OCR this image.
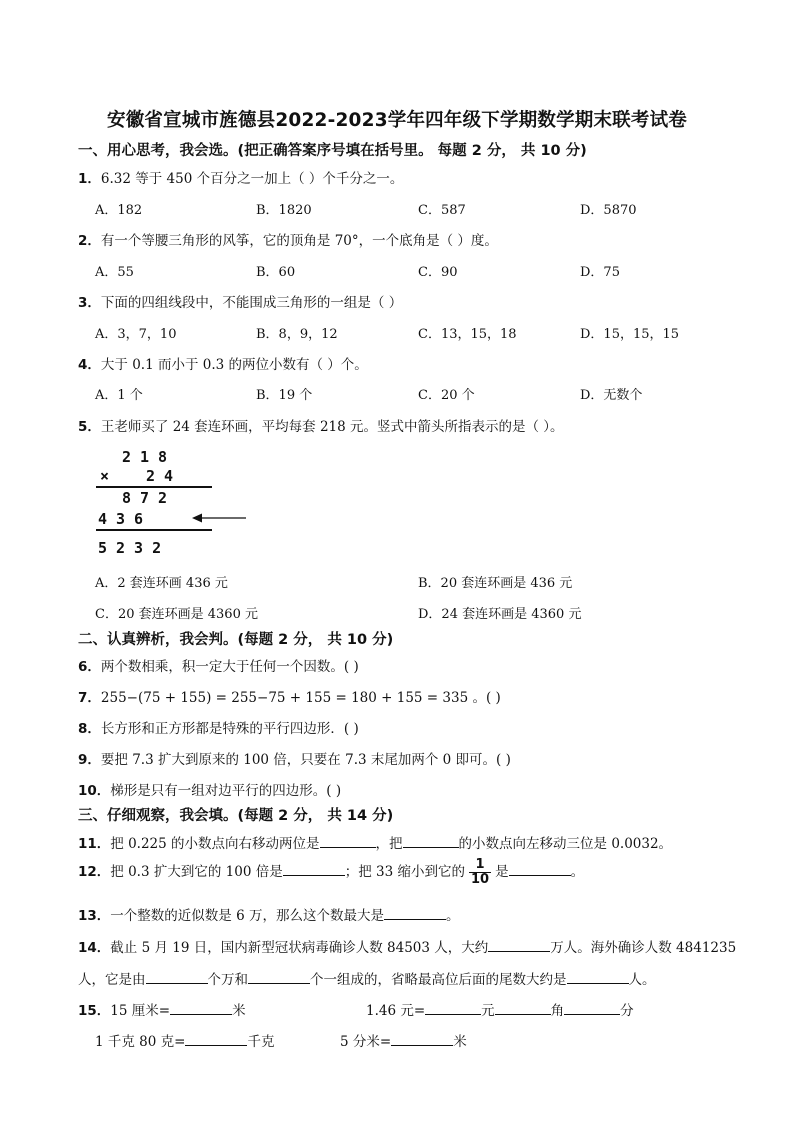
安徽省宣城市旌德县2022-2023学年四年级下学期数学期末联考试卷
一、用心思考，我会选。(把正确答案序号填在括号里。 每题 2 分， 共 10 分)
1．6.32 等于 450 个百分之一加上（ ）个千分之一。
A．182	B．1820	C．587	D．5870
2．有一个等腰三角形的风筝，它的顶角是 70°，一个底角是（ ）度。
A．55	B．60	C．90	D．75
3．下面的四组线段中，不能围成三角形的一组是（ ）
A．3，7，10	B．8，9，12	C．13，15，18	D．15，15，15
4．大于 0.1 而小于 0.3 的两位小数有（ ）个。
A．1 个	B．19 个	C．20 个	D．无数个
5．王老师买了 24 套连环画，平均每套 218 元。竖式中箭头所指表示的是（ ）。
218
× 24
872
436
5232
A．2 套连环画 436 元	B．20 套连环画是 436 元
C．20 套连环画是 4360 元	D．24 套连环画是 4360 元
二、认真辨析，我会判。(每题 2 分， 共 10 分)
6．两个数相乘，积一定大于任何一个因数。( )
7．255−(75 + 155) = 255−75 + 155 = 180 + 155 = 335 。( )
8．长方形和正方形都是特殊的平行四边形．( )
9．要把 7.3 扩大到原来的 100 倍，只要在 7.3 末尾加两个 0 即可。( )
10．梯形是只有一组对边平行的四边形。( )
三、仔细观察，我会填。(每题 2 分， 共 14 分)
11．把 0.225 的小数点向右移动两位是	，把	的小数点向左移动三位是 0.0032。
12．把 0.3 扩大到它的 100 倍是	；把 33 缩小到它的 $\frac{1}{10}$ 是	。
13．一个整数的近似数是 6 万，那么这个数最大是	。
14．截止 5 月 19 日，国内新型冠状病毒确诊人数 84503 人，大约	万人。海外确诊人数 4841235
人，它是由	个万和	个一组成的，省略最高位后面的尾数大约是	人。
15．15 厘米=	米	1.46 元=	元	角	分
1 千克 80 克=	千克	5 分米=	米
